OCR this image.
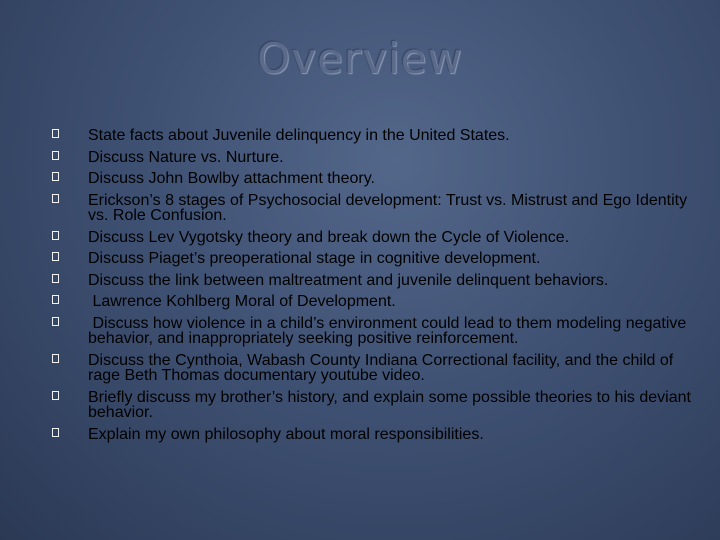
Overview
State facts about Juvenile delinquency in the United States.
Discuss Nature vs. Nurture.
Discuss John Bowlby attachment theory.
Erickson’s 8 stages of Psychosocial development: Trust vs. Mistrust and Ego Identity vs. Role Confusion.
Discuss Lev Vygotsky theory and break down the Cycle of Violence.
Discuss Piaget’s preoperational stage in cognitive development.
Discuss the link between maltreatment and juvenile delinquent behaviors.
Lawrence Kohlberg Moral of Development.
Discuss how violence in a child’s environment could lead to them modeling negative behavior, and inappropriately seeking positive reinforcement.
Discuss the Cynthoia, Wabash County Indiana Correctional facility, and the child of rage Beth Thomas documentary youtube video.
Briefly discuss my brother’s history, and explain some possible theories to his deviant behavior.
Explain my own philosophy about moral responsibilities.
